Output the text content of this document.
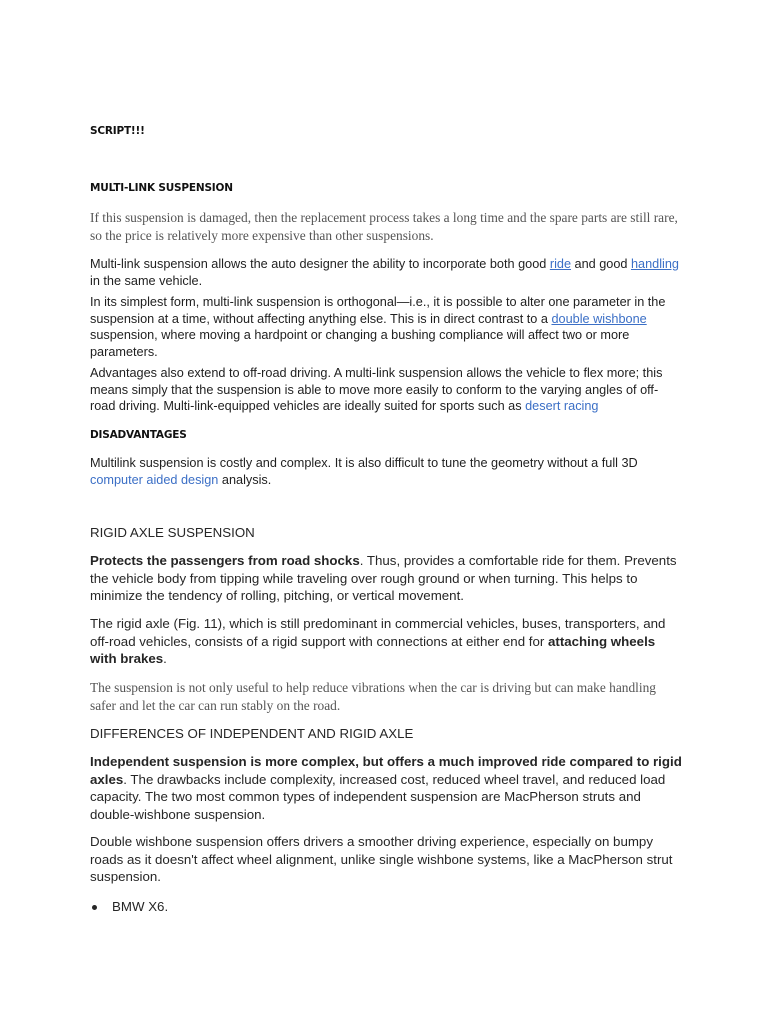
SCRIPT!!!
MULTI-LINK SUSPENSION

If this suspension is damaged, then the replacement process takes a long time and the spare parts are still rare, so the price is relatively more expensive than other suspensions.

Multi-link suspension allows the auto designer the ability to incorporate both good ride and good handling in the same vehicle.

In its simplest form, multi-link suspension is orthogonal—i.e., it is possible to alter one parameter in the suspension at a time, without affecting anything else. This is in direct contrast to a double wishbone suspension, where moving a hardpoint or changing a bushing compliance will affect two or more parameters.

Advantages also extend to off-road driving. A multi-link suspension allows the vehicle to flex more; this means simply that the suspension is able to move more easily to conform to the varying angles of off-road driving. Multi-link-equipped vehicles are ideally suited for sports such as desert racing

DISADVANTAGES

Multilink suspension is costly and complex. It is also difficult to tune the geometry without a full 3D computer aided design analysis.

RIGID AXLE SUSPENSION

Protects the passengers from road shocks. Thus, provides a comfortable ride for them. Prevents the vehicle body from tipping while traveling over rough ground or when turning. This helps to minimize the tendency of rolling, pitching, or vertical movement.

The rigid axle (Fig. 11), which is still predominant in commercial vehicles, buses, transporters, and off-road vehicles, consists of a rigid support with connections at either end for attaching wheels with brakes.

The suspension is not only useful to help reduce vibrations when the car is driving but can make handling safer and let the car can run stably on the road.

DIFFERENCES OF INDEPENDENT AND RIGID AXLE

Independent suspension is more complex, but offers a much improved ride compared to rigid axles. The drawbacks include complexity, increased cost, reduced wheel travel, and reduced load capacity. The two most common types of independent suspension are MacPherson struts and double-wishbone suspension.

Double wishbone suspension offers drivers a smoother driving experience, especially on bumpy roads as it doesn't affect wheel alignment, unlike single wishbone systems, like a MacPherson strut suspension.

BMW X6.
